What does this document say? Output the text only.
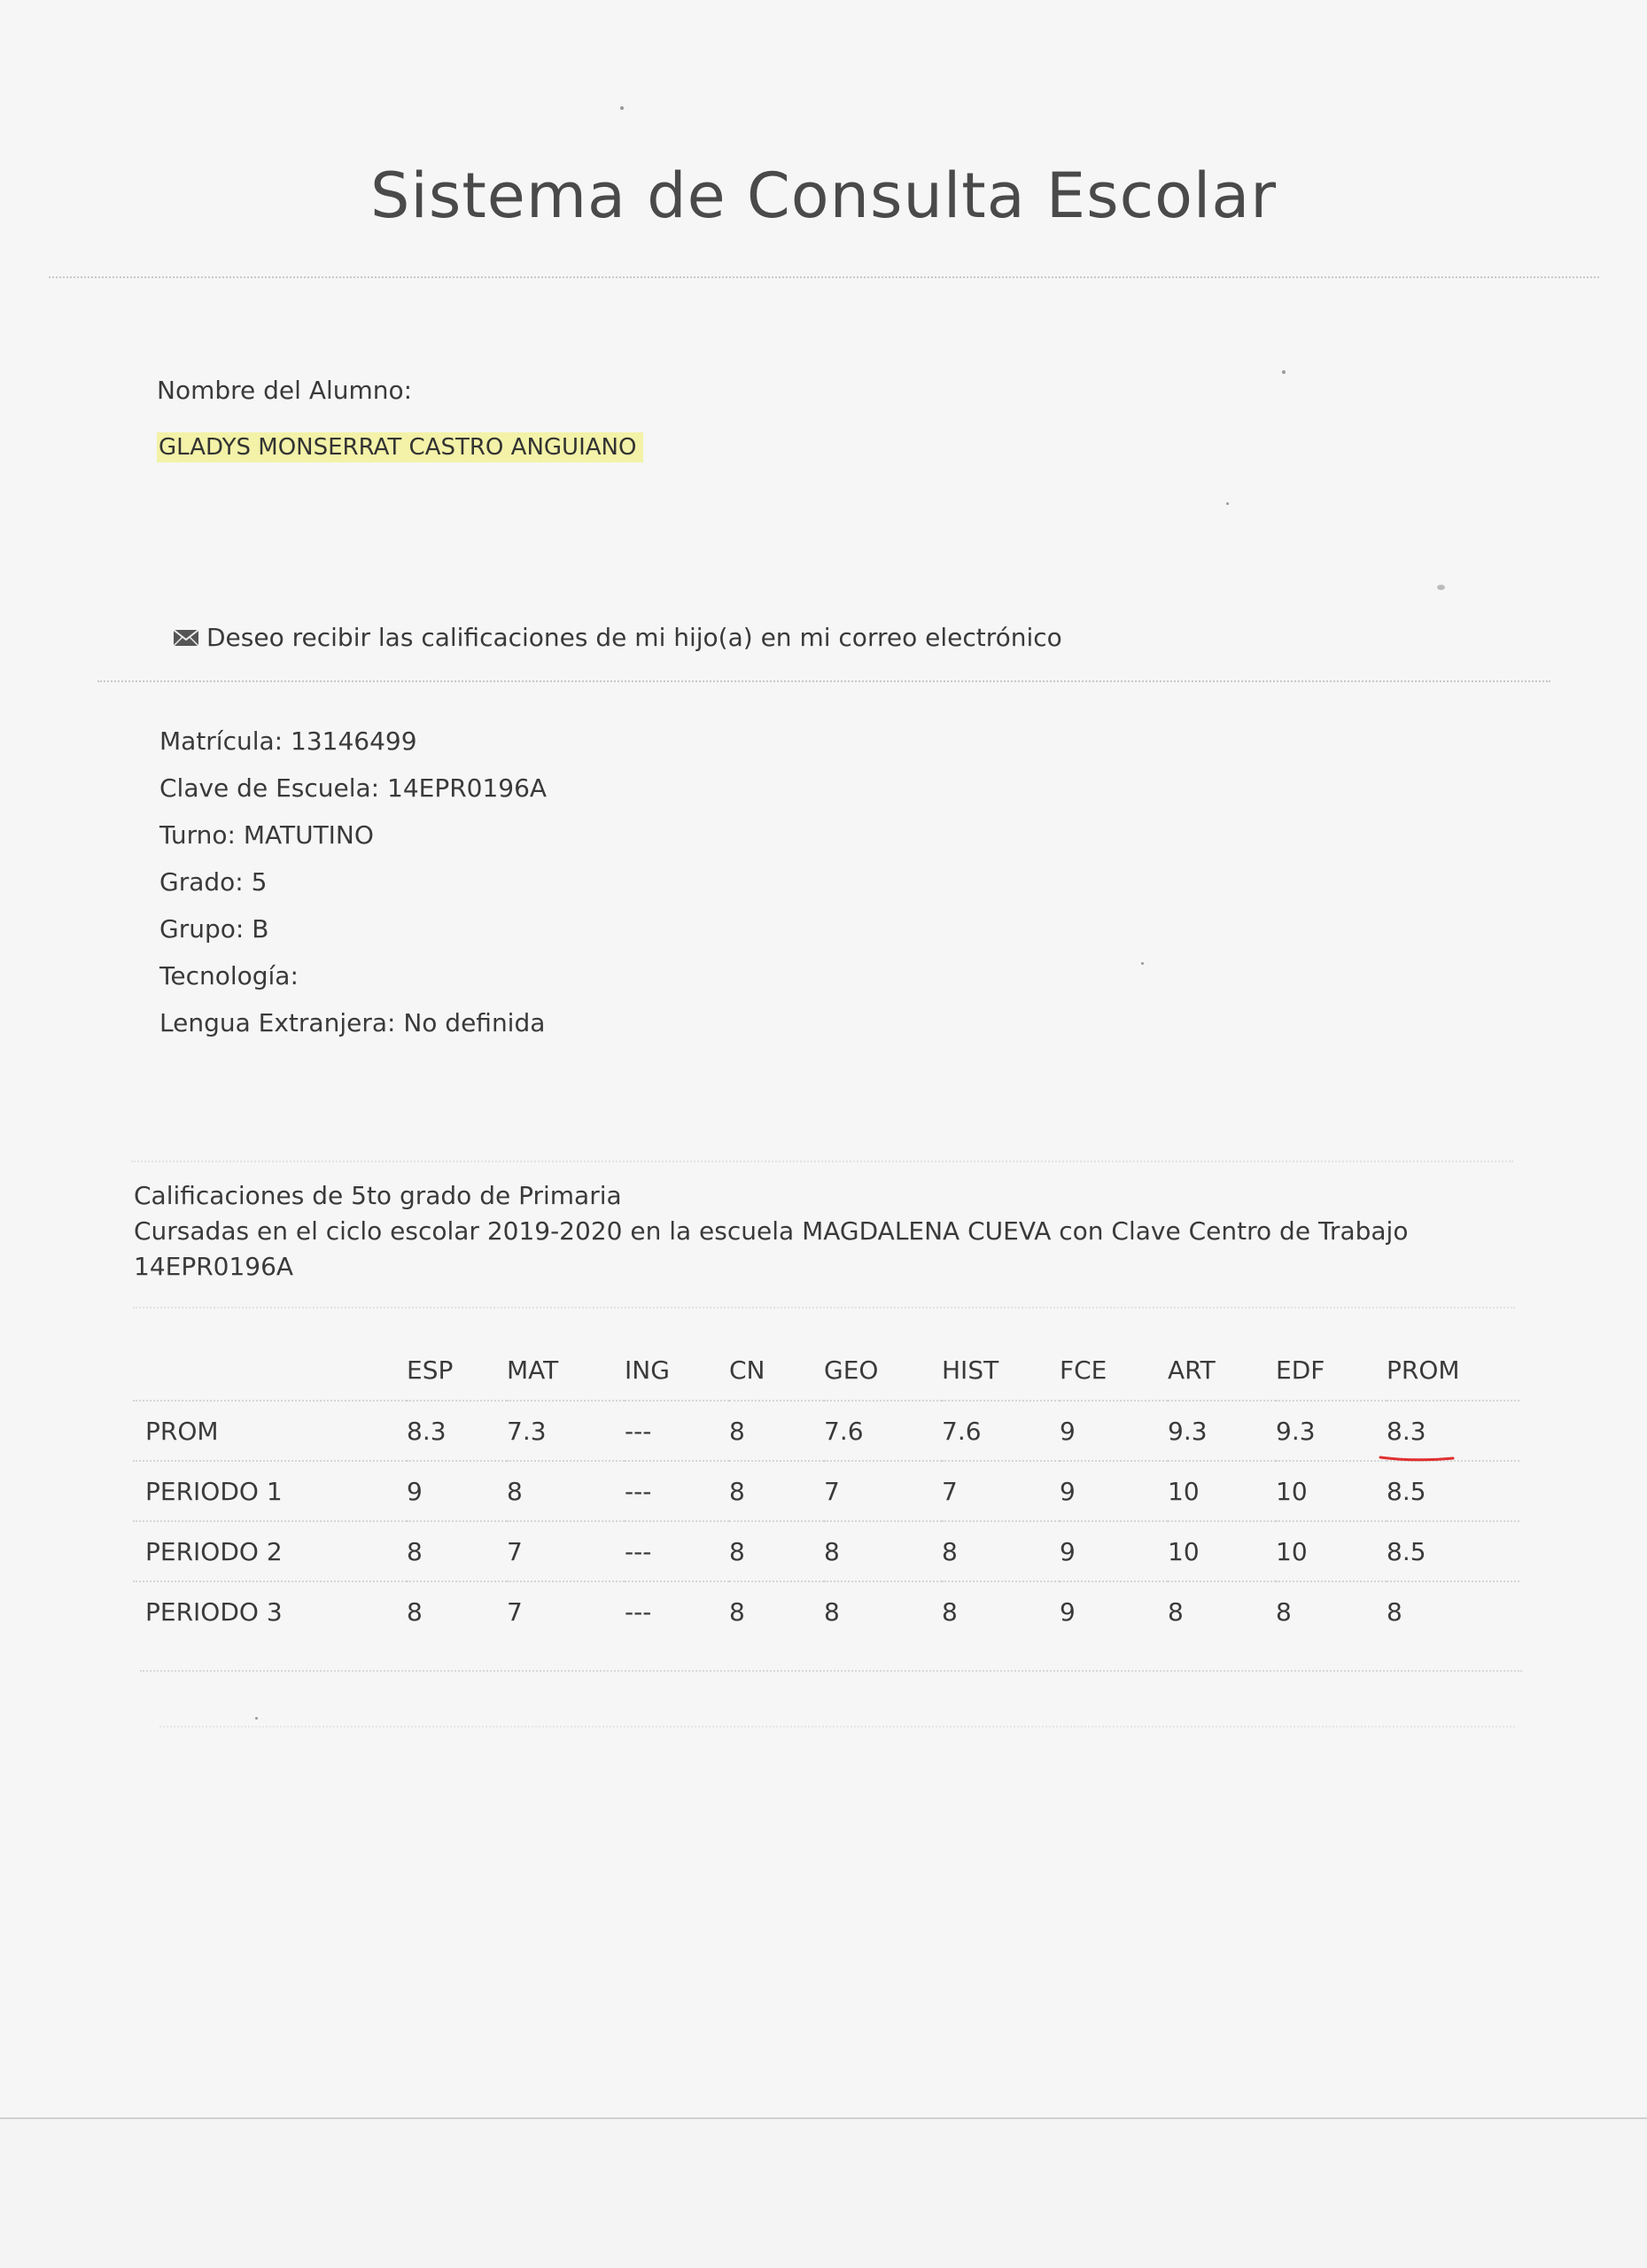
Sistema de Consulta Escolar
Nombre del Alumno:
GLADYS MONSERRAT CASTRO ANGUIANO
Deseo recibir las calificaciones de mi hijo(a) en mi correo electrónico
Matrícula: 13146499
Clave de Escuela: 14EPR0196A
Turno: MATUTINO
Grado: 5
Grupo: B
Tecnología:
Lengua Extranjera: No definida
Calificaciones de 5to grado de Primaria
Cursadas en el ciclo escolar 2019-2020 en la escuela MAGDALENA CUEVA con Clave Centro de Trabajo
14EPR0196A
	ESP	MAT	ING	CN	GEO	HIST	FCE	ART	EDF	PROM
PROM	8.3	7.3	---	8	7.6	7.6	9	9.3	9.3	8.3
PERIODO 1	9	8	---	8	7	7	9	10	10	8.5
PERIODO 2	8	7	---	8	8	8	9	10	10	8.5
PERIODO 3	8	7	---	8	8	8	9	8	8	8
